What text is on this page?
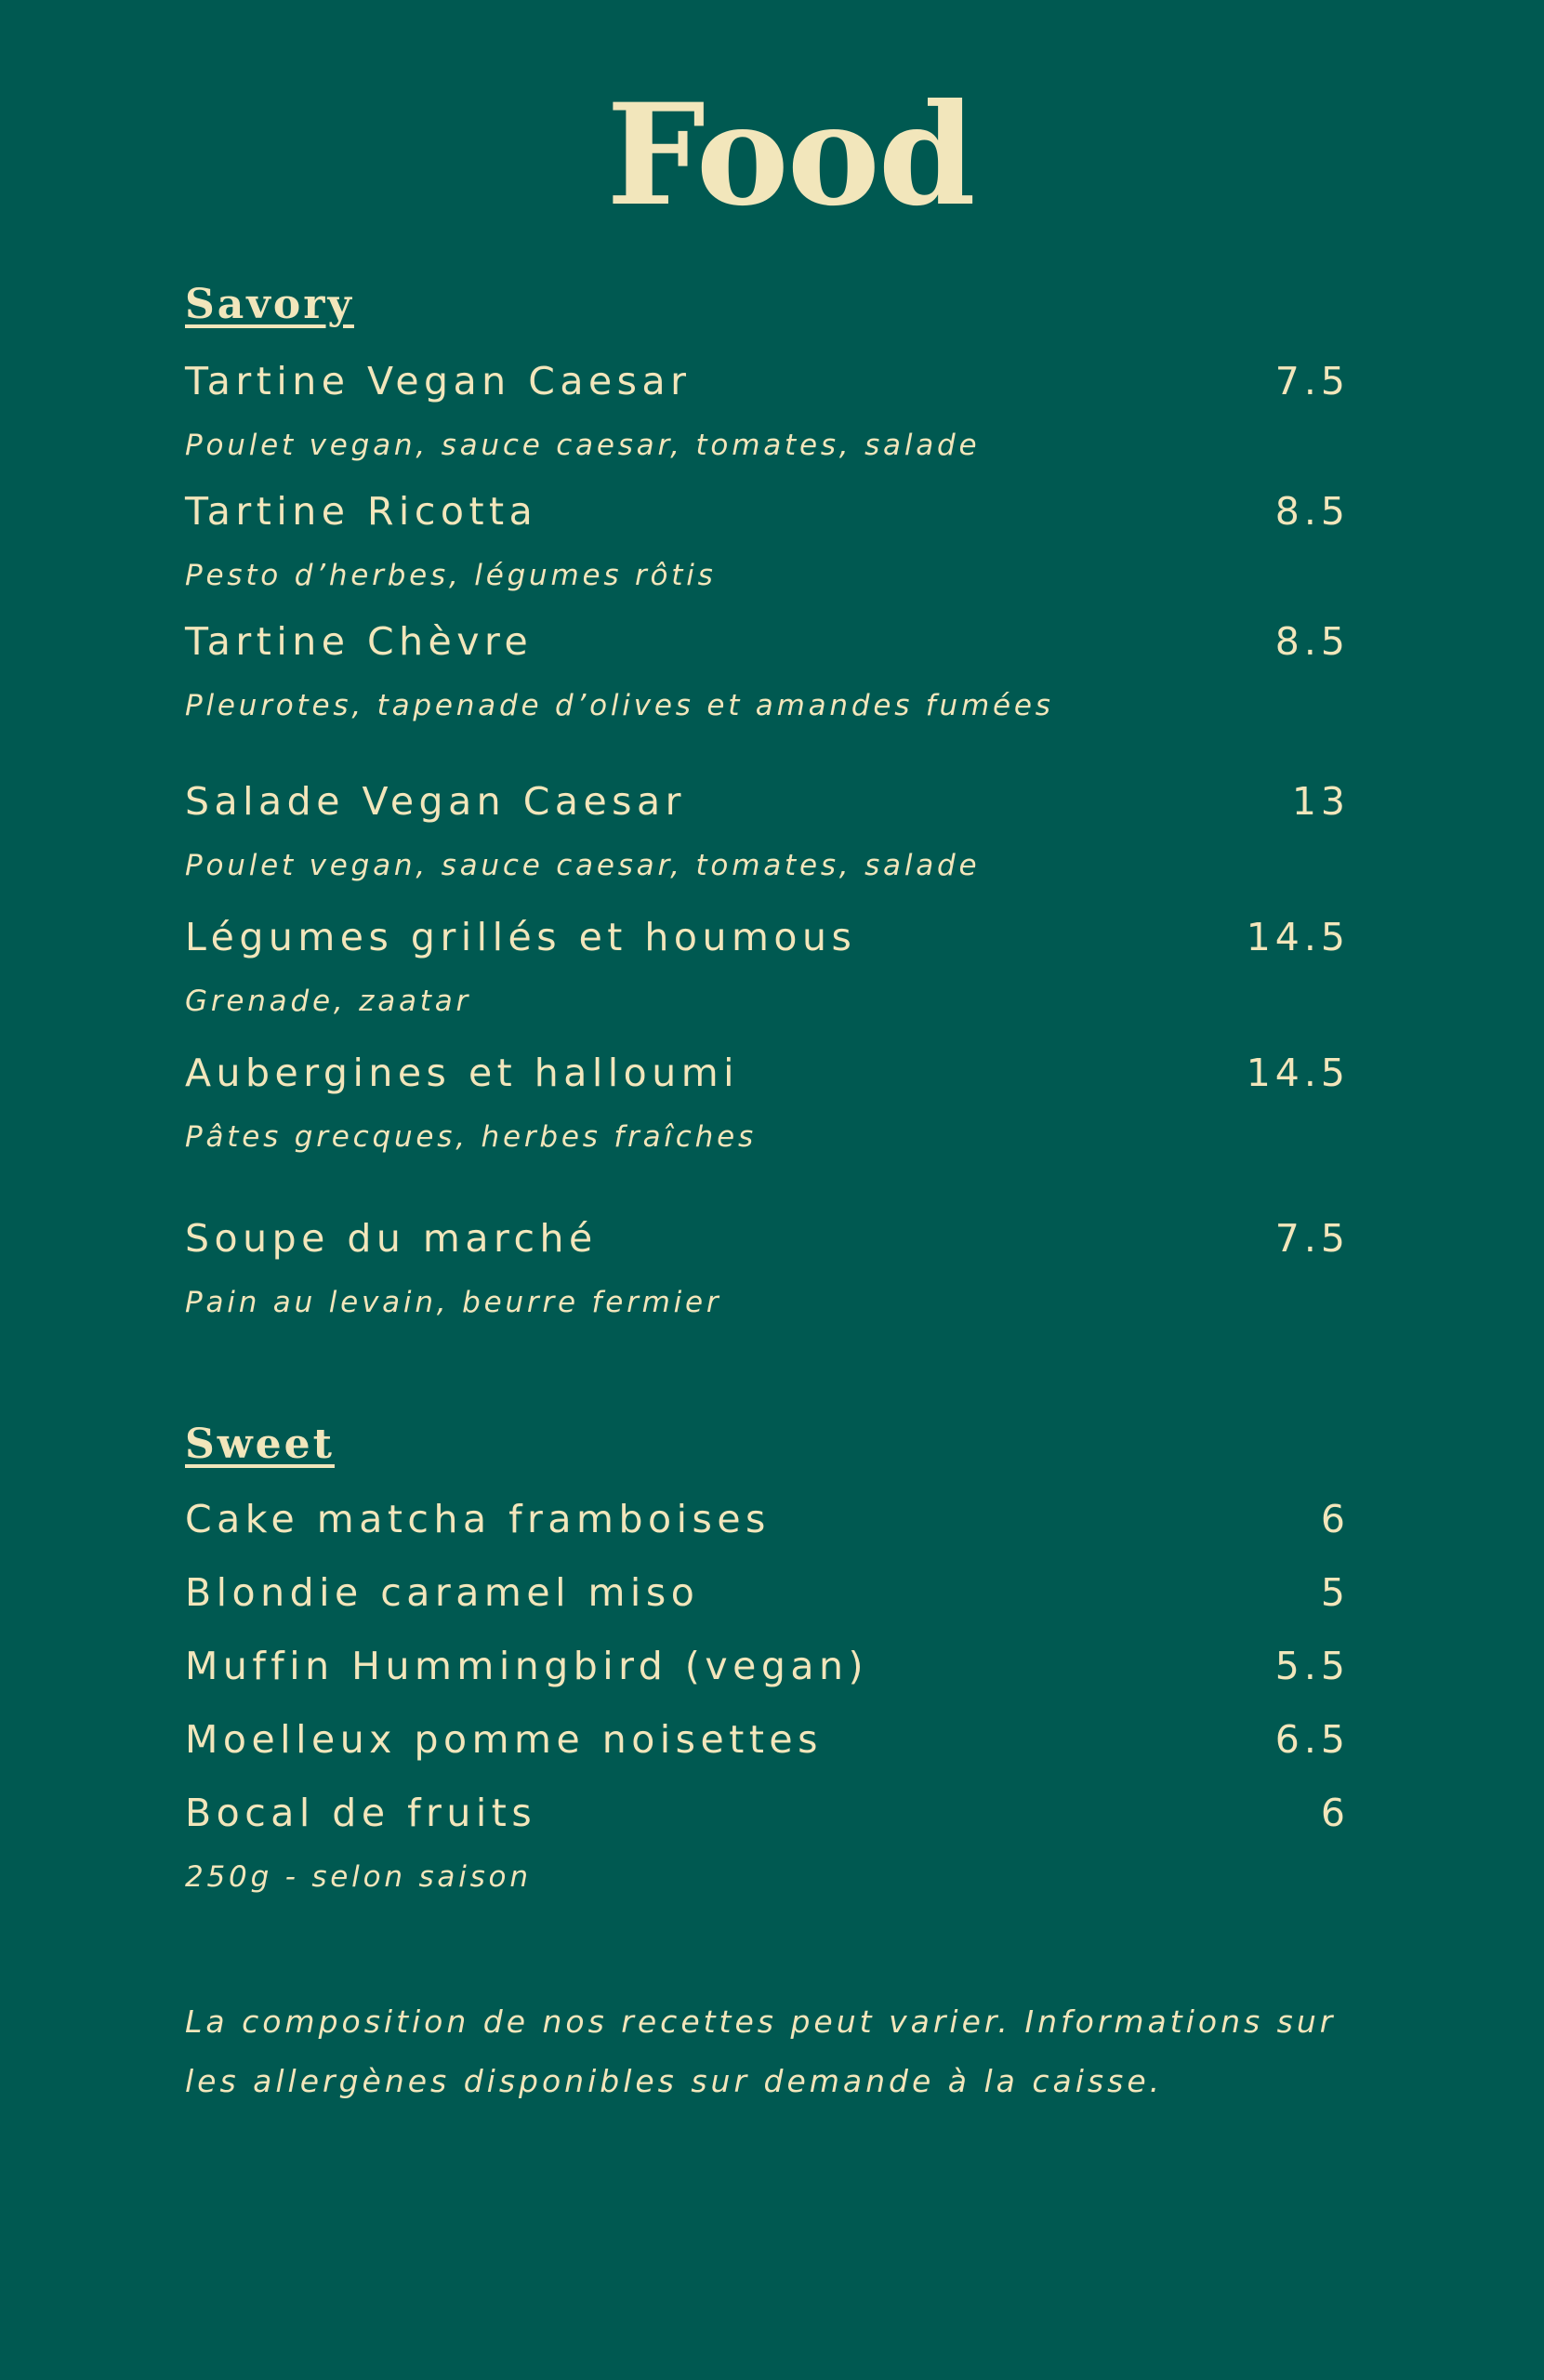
Food
Savory
Tartine Vegan Caesar	7.5
Poulet vegan, sauce caesar, tomates, salade
Tartine Ricotta	8.5
Pesto d’herbes, légumes rôtis
Tartine Chèvre	8.5
Pleurotes, tapenade d’olives et amandes fumées
Salade Vegan Caesar	13
Poulet vegan, sauce caesar, tomates, salade
Légumes grillés et houmous	14.5
Grenade, zaatar
Aubergines et halloumi	14.5
Pâtes grecques, herbes fraîches
Soupe du marché	7.5
Pain au levain, beurre fermier
Sweet
Cake matcha framboises	6
Blondie caramel miso	5
Muffin Hummingbird (vegan)	5.5
Moelleux pomme noisettes	6.5
Bocal de fruits	6
250g - selon saison

La composition de nos recettes peut varier. Informations sur les allergènes disponibles sur demande à la caisse.
